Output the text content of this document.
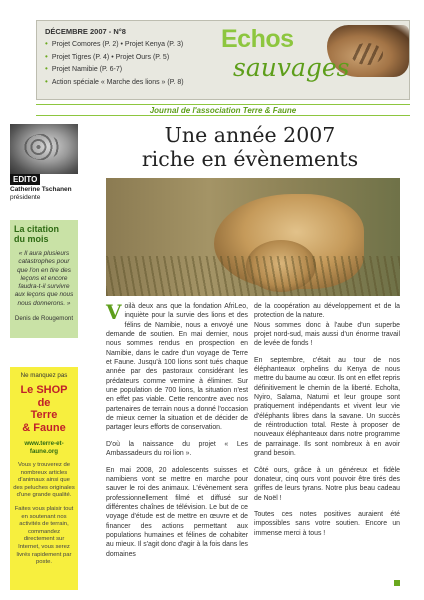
DÉCEMBRE 2007 - N°8
• Projet Comores (P. 2) • Projet Kenya (P. 3)
• Projet Tigres (P. 4) • Projet Ours (P. 5)
• Projet Namibie (P. 6-7)
• Action spéciale « Marche des lions » (P. 8)
Echos
sauvages
Journal de l'association Terre & Faune
EDITO
Catherine Tschanen
présidente
La citation
du mois
« Il aura plusieurs catastrophes pour que l'on en tire des leçons et encore faudra-t-il survivre aux leçons que nous nous donnerons. »
Denis de Rougemont
Ne manquez pas
Le SHOP de
Terre
& Faune
www.terre-et-faune.org
Vous y trouverez de nombreux articles d'animaux ainsi que des peluches originales d'une grande qualité.
Faites vous plaisir tout en soutenant nos activités de terrain, commandez directement sur Internet, vous serez livrés rapidement par poste.
Une année 2007
riche en évènements

Voilà deux ans que la fondation AfriLeo, inquiète pour la survie des lions et des félins de Namibie, nous a envoyé une demande de soutien. En mai dernier, nous nous sommes rendus en prospection en Namibie, dans le cadre d'un voyage de Terre et Faune. Jusqu'à 100 lions sont tués chaque année par des pastoraux considérant les prédateurs comme vermine à éliminer. Sur une population de 700 lions, la situation n'est en effet pas viable. Cette rencontre avec nos partenaires de terrain nous a donné l'occasion de mieux cerner la situation et de décider de partager leurs efforts de conservation.

D'où la naissance du projet « Les Ambassadeurs du roi lion ».

En mai 2008, 20 adolescents suisses et namibiens vont se mettre en marche pour sauver le roi des animaux. L'évènement sera professionnellement filmé et diffusé sur différentes chaînes de télévision. Le but de ce voyage d'étude est de mettre en œuvre et de financer des actions permettant aux populations humaines et félines de cohabiter au mieux. Il s'agit donc d'agir à la fois dans les domaines

de la coopération au développement et de la protection de la nature.

Nous sommes donc à l'aube d'un superbe projet nord-sud, mais aussi d'un énorme travail de levée de fonds !

En septembre, c'était au tour de nos éléphanteaux orphelins du Kenya de nous mettre du baume au cœur. Ils ont en effet repris définitivement le chemin de la liberté. Echolta, Nyiro, Salama, Natumi et leur groupe sont pratiquement indépendants et vivent leur vie d'éléphants libres dans la savane. Un succès de réintroduction total. Reste à proposer de nouveaux éléphanteaux dans notre programme de parrainage. Ils sont nombreux à en avoir grand besoin.

Côté ours, grâce à un généreux et fidèle donateur, cinq ours vont pouvoir être tirés des griffes de leurs tyrans. Notre plus beau cadeau de Noël !

Toutes ces notes positives auraient été impossibles sans votre soutien. Encore un immense merci à tous !
